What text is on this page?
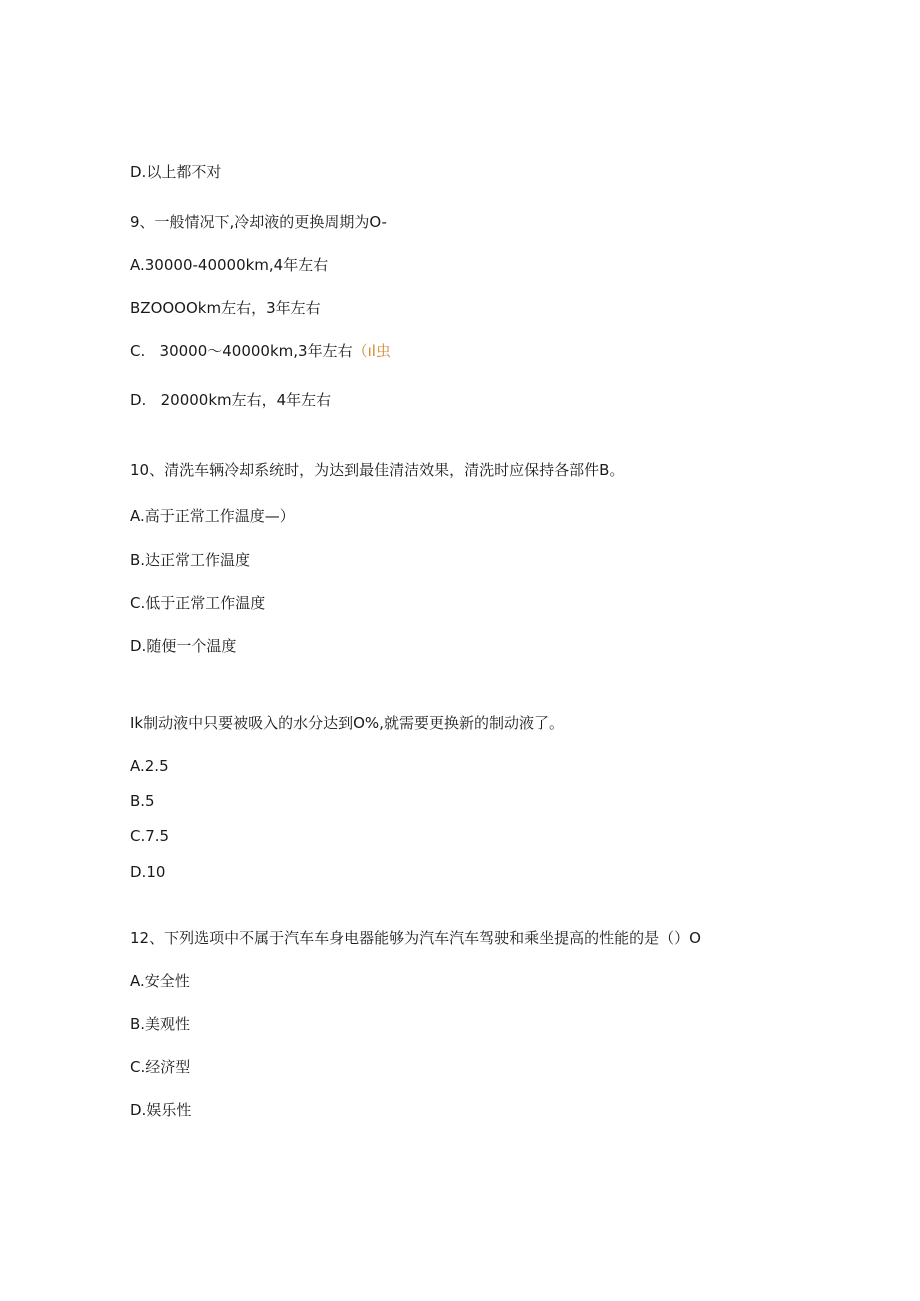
D.以上都不对
9、一般情况下,冷却液的更换周期为O-
A.30000-40000km,4年左右
BZOOOOkm左右，3年左右
C.   30000～40000km,3年左右（ıl虫
D.   20000km左右，4年左右
10、清洗车辆冷却系统时，为达到最佳清洁效果，清洗时应保持各部件B。
A.高于正常工作温度—）
B.达正常工作温度
C.低于正常工作温度
D.随便一个温度
Ik制动液中只要被吸入的水分达到O%,就需要更换新的制动液了。
A.2.5
B.5
C.7.5
D.10
12、下列选项中不属于汽车车身电器能够为汽车汽车驾驶和乘坐提高的性能的是（）O
A.安全性
B.美观性
C.经济型
D.娱乐性
